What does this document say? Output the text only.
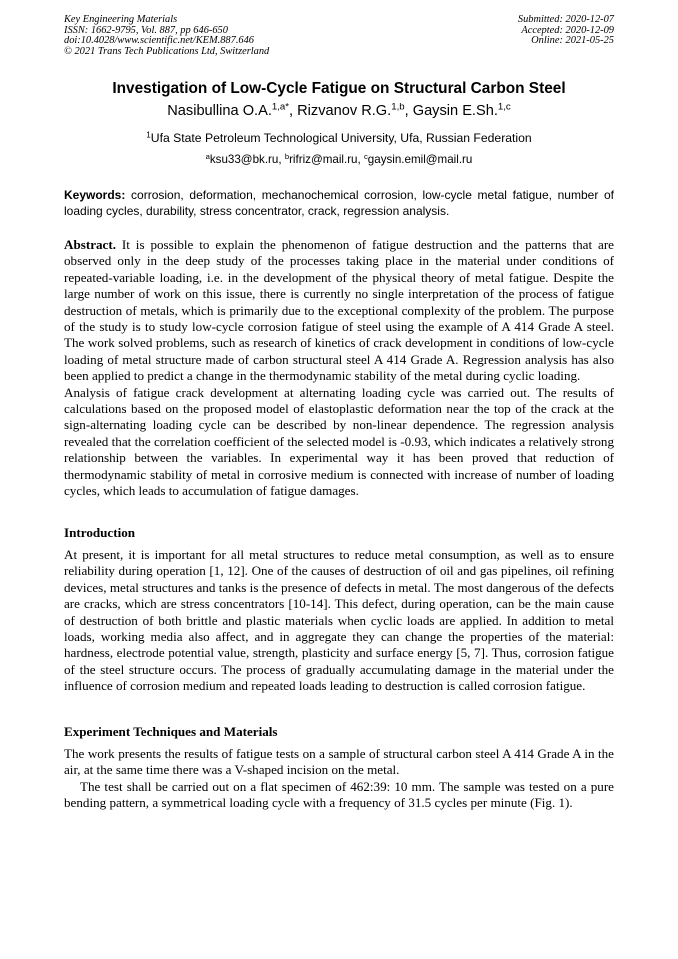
Key Engineering Materials
ISSN: 1662-9795, Vol. 887, pp 646-650
doi:10.4028/www.scientific.net/KEM.887.646
© 2021 Trans Tech Publications Ltd, Switzerland
Submitted: 2020-12-07
Accepted: 2020-12-09
Online: 2021-05-25
Investigation of Low-Cycle Fatigue on Structural Carbon Steel
Nasibullina O.A.$^{1,a*}$, Rizvanov R.G.$^{1,b}$, Gaysin E.Sh.$^{1,c}$
$^1$Ufa State Petroleum Technological University, Ufa, Russian Federation
$^a$ksu33@bk.ru, $^b$rifriz@mail.ru, $^c$gaysin.emil@mail.ru
Keywords: corrosion, deformation, mechanochemical corrosion, low-cycle metal fatigue, number of loading cycles, durability, stress concentrator, crack, regression analysis.

Abstract. It is possible to explain the phenomenon of fatigue destruction and the patterns that are observed only in the deep study of the processes taking place in the material under conditions of repeated-variable loading, i.e. in the development of the physical theory of metal fatigue. Despite the large number of work on this issue, there is currently no single interpretation of the process of fatigue destruction of metals, which is primarily due to the exceptional complexity of the problem. The purpose of the study is to study low-cycle corrosion fatigue of steel using the example of A 414 Grade A steel. The work solved problems, such as research of kinetics of crack development in conditions of low-cycle loading of metal structure made of carbon structural steel A 414 Grade A. Regression analysis has also been applied to predict a change in the thermodynamic stability of the metal during cyclic loading.

Analysis of fatigue crack development at alternating loading cycle was carried out. The results of calculations based on the proposed model of elastoplastic deformation near the top of the crack at the sign-alternating loading cycle can be described by non-linear dependence. The regression analysis revealed that the correlation coefficient of the selected model is -0.93, which indicates a relatively strong relationship between the variables. In experimental way it has been proved that reduction of thermodynamic stability of metal in corrosive medium is connected with increase of number of loading cycles, which leads to accumulation of fatigue damages.

Introduction

At present, it is important for all metal structures to reduce metal consumption, as well as to ensure reliability during operation [1, 12]. One of the causes of destruction of oil and gas pipelines, oil refining devices, metal structures and tanks is the presence of defects in metal. The most dangerous of the defects are cracks, which are stress concentrators [10-14]. This defect, during operation, can be the main cause of destruction of both brittle and plastic materials when cyclic loads are applied. In addition to metal loads, working media also affect, and in aggregate they can change the properties of the material: hardness, electrode potential value, strength, plasticity and surface energy [5, 7]. Thus, corrosion fatigue of the steel structure occurs. The process of gradually accumulating damage in the material under the influence of corrosion medium and repeated loads leading to destruction is called corrosion fatigue.

Experiment Techniques and Materials

The work presents the results of fatigue tests on a sample of structural carbon steel A 414 Grade A in the air, at the same time there was a V-shaped incision on the metal.

The test shall be carried out on a flat specimen of 462:39: 10 mm. The sample was tested on a pure bending pattern, a symmetrical loading cycle with a frequency of 31.5 cycles per minute (Fig. 1).
